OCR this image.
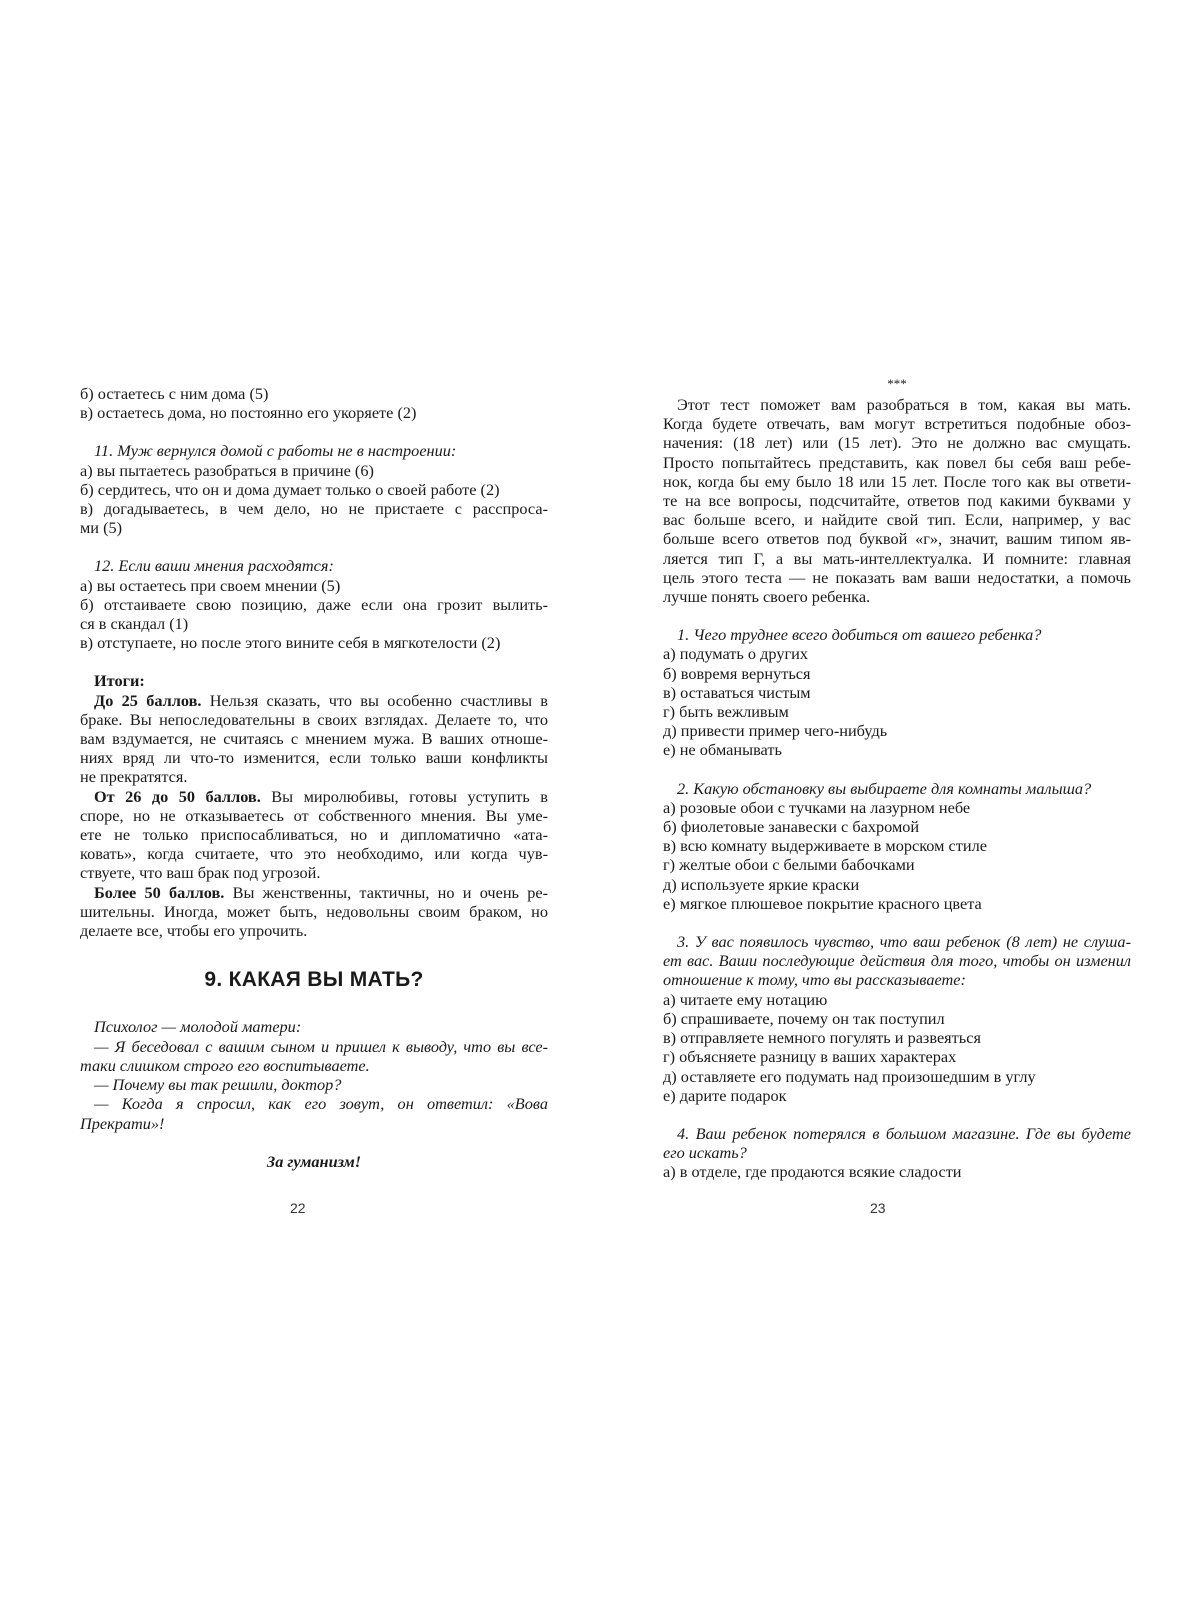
б) остаетесь с ним дома (5)
в) остаетесь дома, но постоянно его укоряете (2)
11. Муж вернулся домой с работы не в настроении:
а) вы пытаетесь разобраться в причине (6)
б) сердитесь, что он и дома думает только о своей работе (2)
в) догадываетесь, в чем дело, но не пристаете с расспроса-
ми (5)
12. Если ваши мнения расходятся:
а) вы остаетесь при своем мнении (5)
б) отстаиваете свою позицию, даже если она грозит вылить-
ся в скандал (1)
в) отступаете, но после этого вините себя в мягкотелости (2)
Итоги:
До 25 баллов. Нельзя сказать, что вы особенно счастливы в
браке. Вы непоследовательны в своих взглядах. Делаете то, что
вам вздумается, не считаясь с мнением мужа. В ваших отноше-
ниях вряд ли что-то изменится, если только ваши конфликты
не прекратятся.
От 26 до 50 баллов. Вы миролюбивы, готовы уступить в
споре, но не отказываетесь от собственного мнения. Вы уме-
ете не только приспосабливаться, но и дипломатично «ата-
ковать», когда считаете, что это необходимо, или когда чув-
ствуете, что ваш брак под угрозой.
Более 50 баллов. Вы женственны, тактичны, но и очень ре-
шительны. Иногда, может быть, недовольны своим браком, но
делаете все, чтобы его упрочить.
9. КАКАЯ ВЫ МАТЬ?
Психолог — молодой матери:
— Я беседовал с вашим сыном и пришел к выводу, что вы все-
таки слишком строго его воспитываете.
— Почему вы так решили, доктор?
— Когда я спросил, как его зовут, он ответил: «Вова
Прекрати»!
За гуманизм!
22
***
Этот тест поможет вам разобраться в том, какая вы мать.
Когда будете отвечать, вам могут встретиться подобные обоз-
начения: (18 лет) или (15 лет). Это не должно вас смущать.
Просто попытайтесь представить, как повел бы себя ваш ребе-
нок, когда бы ему было 18 или 15 лет. После того как вы ответи-
те на все вопросы, подсчитайте, ответов под какими буквами у
вас больше всего, и найдите свой тип. Если, например, у вас
больше всего ответов под буквой «г», значит, вашим типом яв-
ляется тип Г, а вы мать-интеллектуалка. И помните: главная
цель этого теста — не показать вам ваши недостатки, а помочь
лучше понять своего ребенка.
1. Чего труднее всего добиться от вашего ребенка?
а) подумать о других
б) вовремя вернуться
в) оставаться чистым
г) быть вежливым
д) привести пример чего-нибудь
е) не обманывать
2. Какую обстановку вы выбираете для комнаты малыша?
а) розовые обои с тучками на лазурном небе
б) фиолетовые занавески с бахромой
в) всю комнату выдерживаете в морском стиле
г) желтые обои с белыми бабочками
д) используете яркие краски
е) мягкое плюшевое покрытие красного цвета
3. У вас появилось чувство, что ваш ребенок (8 лет) не слуша-
ет вас. Ваши последующие действия для того, чтобы он изменил
отношение к тому, что вы рассказываете:
а) читаете ему нотацию
б) спрашиваете, почему он так поступил
в) отправляете немного погулять и развеяться
г) объясняете разницу в ваших характерах
д) оставляете его подумать над произошедшим в углу
е) дарите подарок
4. Ваш ребенок потерялся в большом магазине. Где вы будете
его искать?
а) в отделе, где продаются всякие сладости
23
